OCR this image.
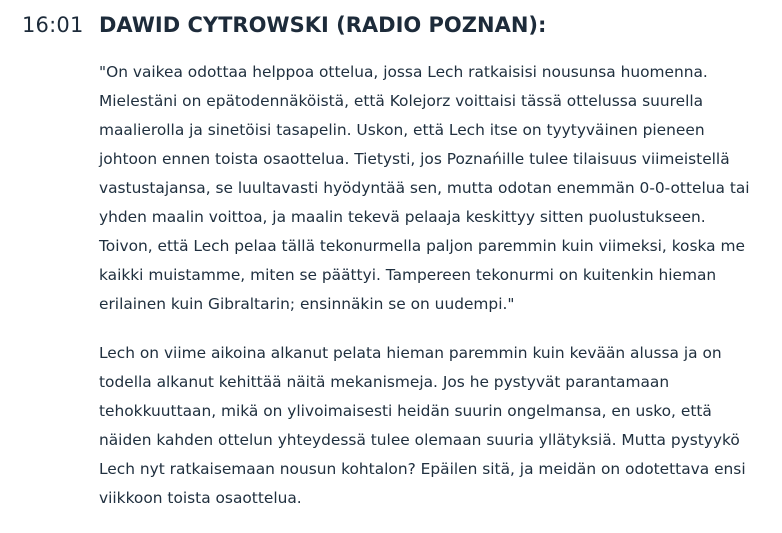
16:01 DAWID CYTROWSKI (RADIO POZNAN):

"On vaikea odottaa helppoa ottelua, jossa Lech ratkaisisi nousunsa huomenna.
Mielestäni on epätodennäköistä, että Kolejorz voittaisi tässä ottelussa suurella
maalierolla ja sinetöisi tasapelin. Uskon, että Lech itse on tyytyväinen pieneen
johtoon ennen toista osaottelua. Tietysti, jos Poznańille tulee tilaisuus viimeistellä
vastustajansa, se luultavasti hyödyntää sen, mutta odotan enemmän 0-0-ottelua tai
yhden maalin voittoa, ja maalin tekevä pelaaja keskittyy sitten puolustukseen.
Toivon, että Lech pelaa tällä tekonurmella paljon paremmin kuin viimeksi, koska me
kaikki muistamme, miten se päättyi. Tampereen tekonurmi on kuitenkin hieman
erilainen kuin Gibraltarin; ensinnäkin se on uudempi."

Lech on viime aikoina alkanut pelata hieman paremmin kuin kevään alussa ja on
todella alkanut kehittää näitä mekanismeja. Jos he pystyvät parantamaan
tehokkuuttaan, mikä on ylivoimaisesti heidän suurin ongelmansa, en usko, että
näiden kahden ottelun yhteydessä tulee olemaan suuria yllätyksiä. Mutta pystyykö
Lech nyt ratkaisemaan nousun kohtalon? Epäilen sitä, ja meidän on odotettava ensi
viikkoon toista osaottelua.
